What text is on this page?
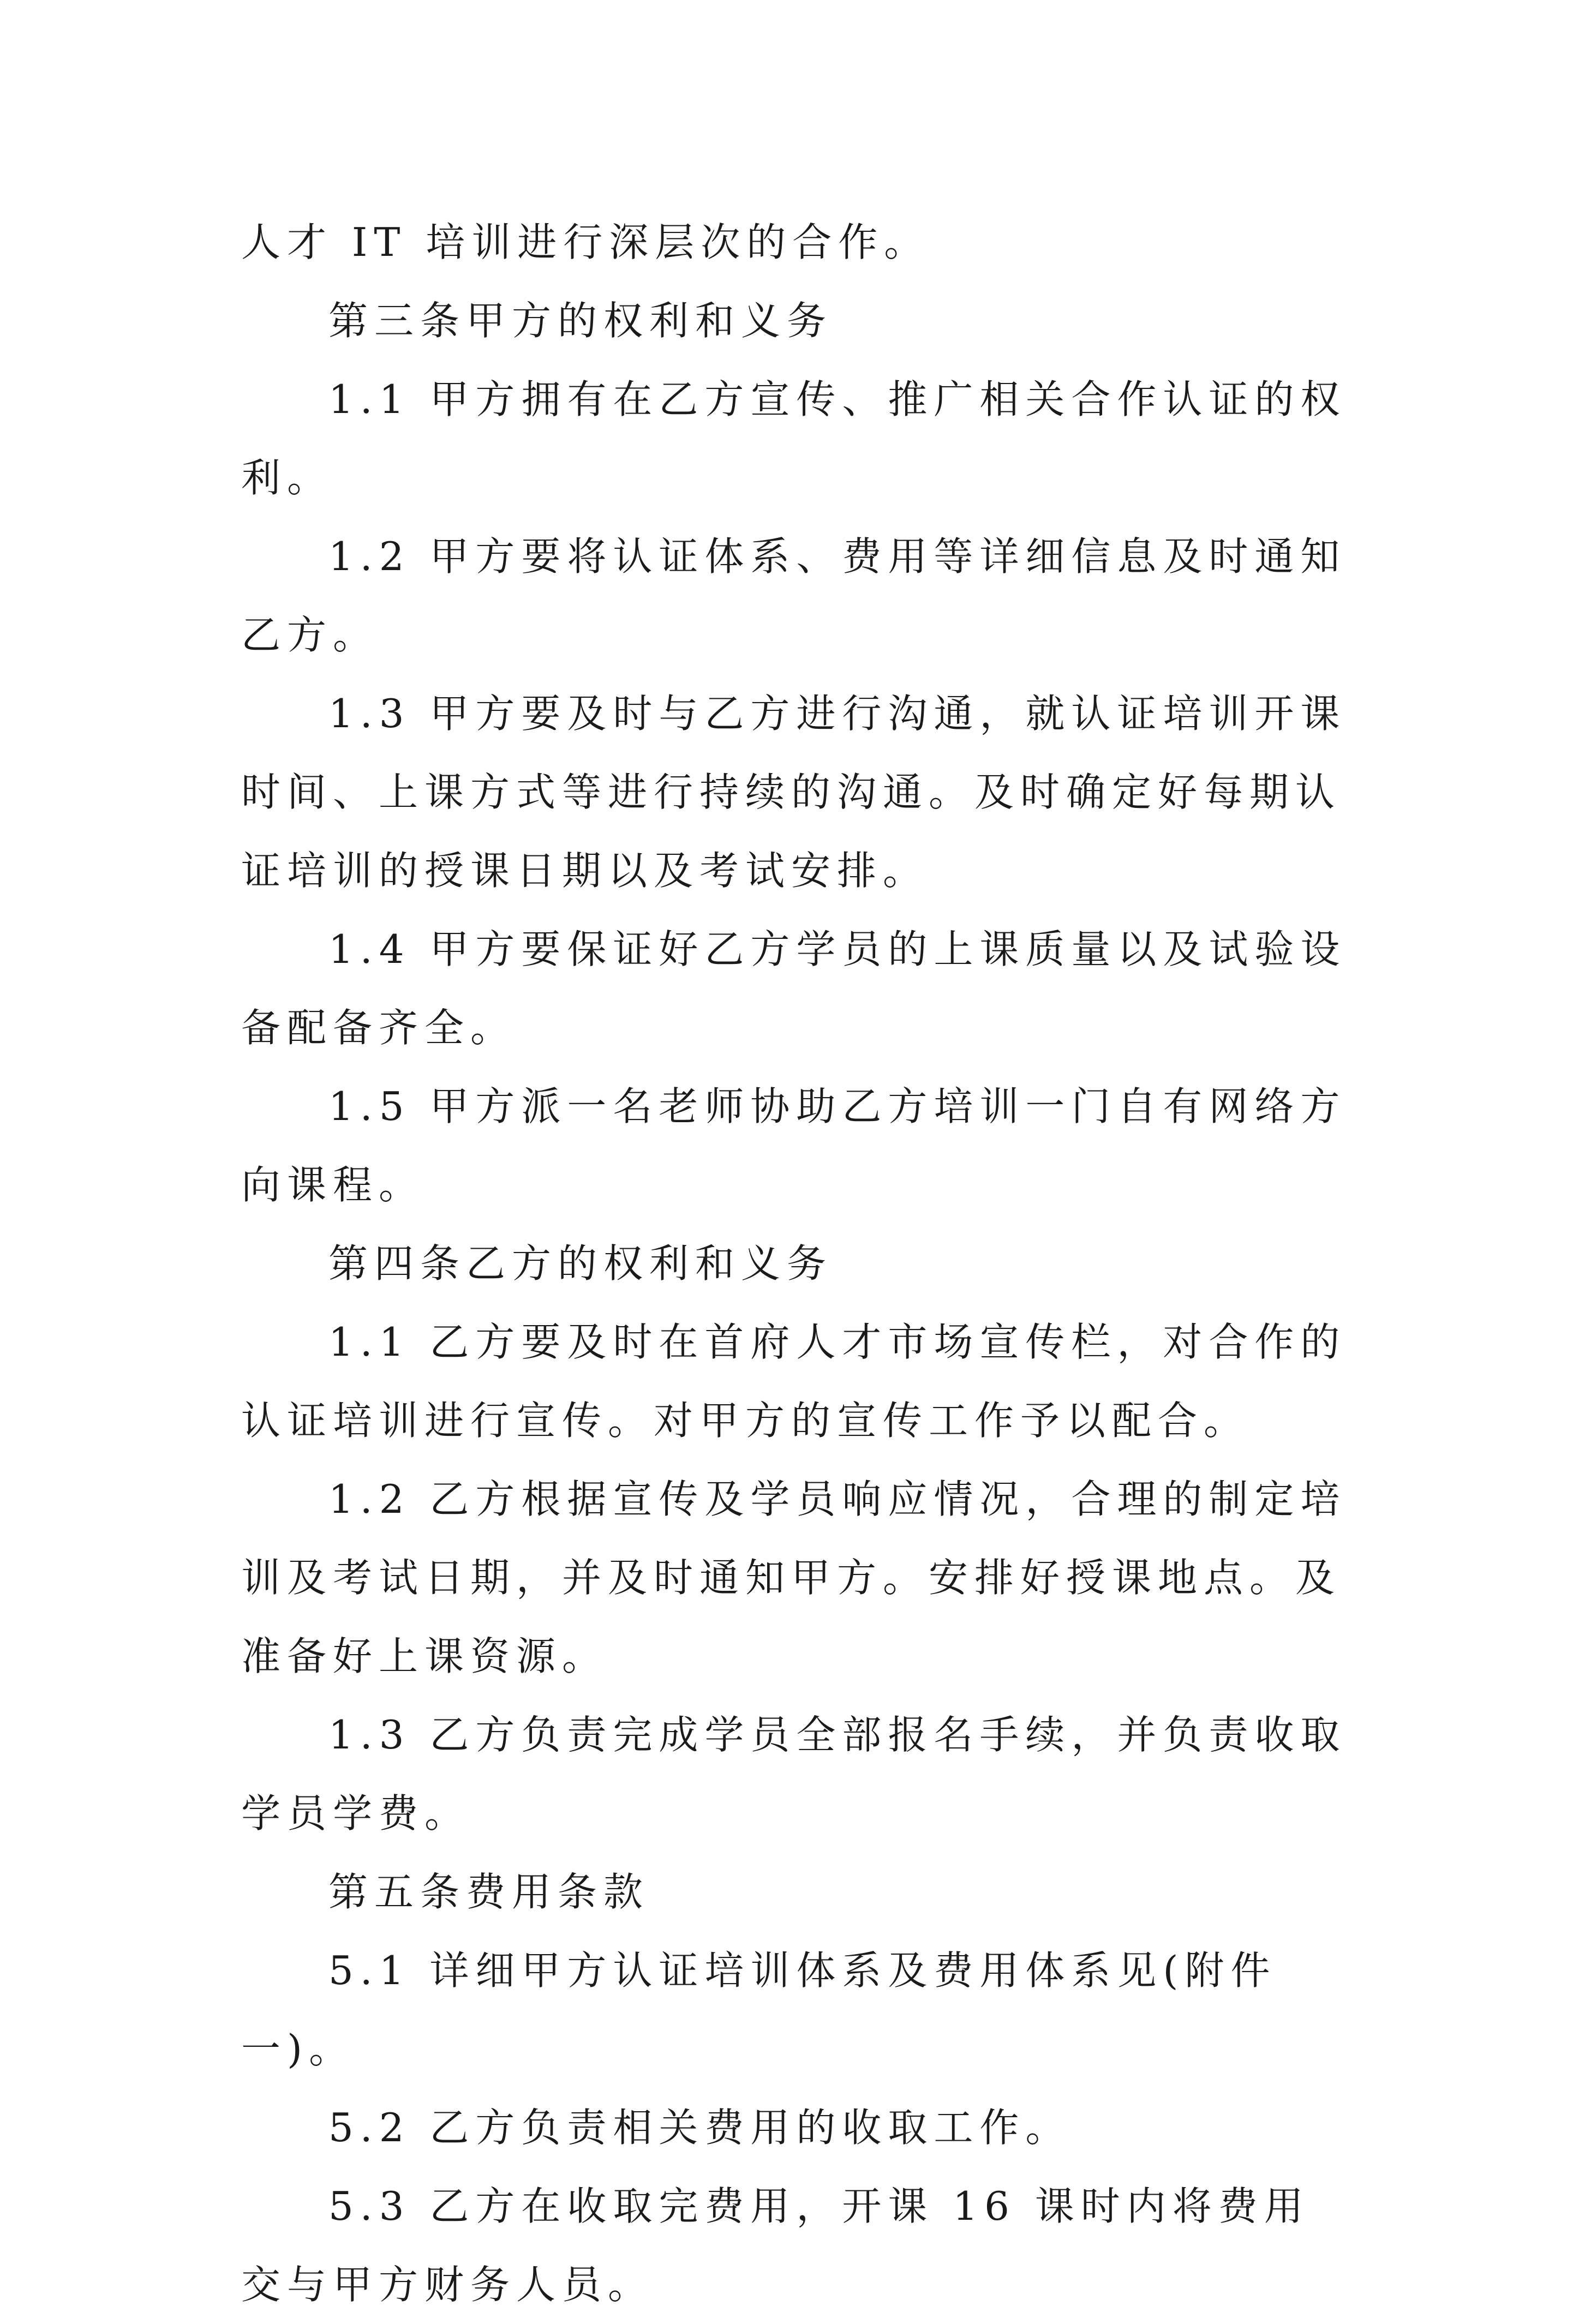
人才 IT 培训进行深层次的合作。

第三条甲方的权利和义务

1.1 甲方拥有在乙方宣传、推广相关合作认证的权利。

1.2 甲方要将认证体系、费用等详细信息及时通知乙方。

1.3 甲方要及时与乙方进行沟通，就认证培训开课时间、上课方式等进行持续的沟通。及时确定好每期认证培训的授课日期以及考试安排。

1.4 甲方要保证好乙方学员的上课质量以及试验设备配备齐全。

1.5 甲方派一名老师协助乙方培训一门自有网络方向课程。

第四条乙方的权利和义务

1.1 乙方要及时在首府人才市场宣传栏，对合作的认证培训进行宣传。对甲方的宣传工作予以配合。

1.2 乙方根据宣传及学员响应情况，合理的制定培训及考试日期，并及时通知甲方。安排好授课地点。及准备好上课资源。

1.3 乙方负责完成学员全部报名手续，并负责收取学员学费。

第五条费用条款

5.1 详细甲方认证培训体系及费用体系见(附件一)。

5.2 乙方负责相关费用的收取工作。

5.3 乙方在收取完费用，开课 16 课时内将费用交与甲方财务人员。
